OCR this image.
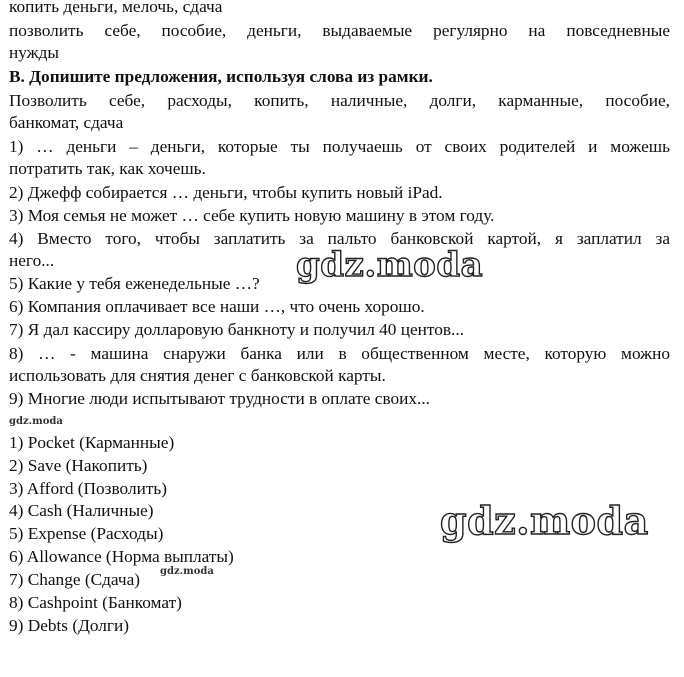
копить деньги, мелочь, сдача
позволить себе, пособие, деньги, выдаваемые регулярно на повседневные
нужды
B. Допишите предложения, используя слова из рамки.
Позволить себе, расходы, копить, наличные, долги, карманные, пособие,
банкомат, сдача
1) … деньги – деньги, которые ты получаешь от своих родителей и можешь
потратить так, как хочешь.
2) Джефф собирается … деньги, чтобы купить новый iPad.
3) Моя семья не может … себе купить новую машину в этом году.
4) Вместо того, чтобы заплатить за пальто банковской картой, я заплатил за
него...
5) Какие у тебя еженедельные …?
6) Компания оплачивает все наши …, что очень хорошо.
7) Я дал кассиру долларовую банкноту и получил 40 центов...
8) … - машина снаружи банка или в общественном месте, которую можно
использовать для снятия денег с банковской карты.
9) Многие люди испытывают трудности в оплате своих...
1) Pocket (Карманные)
2) Save (Накопить)
3) Afford (Позволить)
4) Cash (Наличные)
5) Expense (Расходы)
6) Allowance (Норма выплаты)
7) Change (Сдача)
8) Cashpoint (Банкомат)
9) Debts (Долги)
gdz.moda
gdz.moda
gdz.moda
gdz.moda
